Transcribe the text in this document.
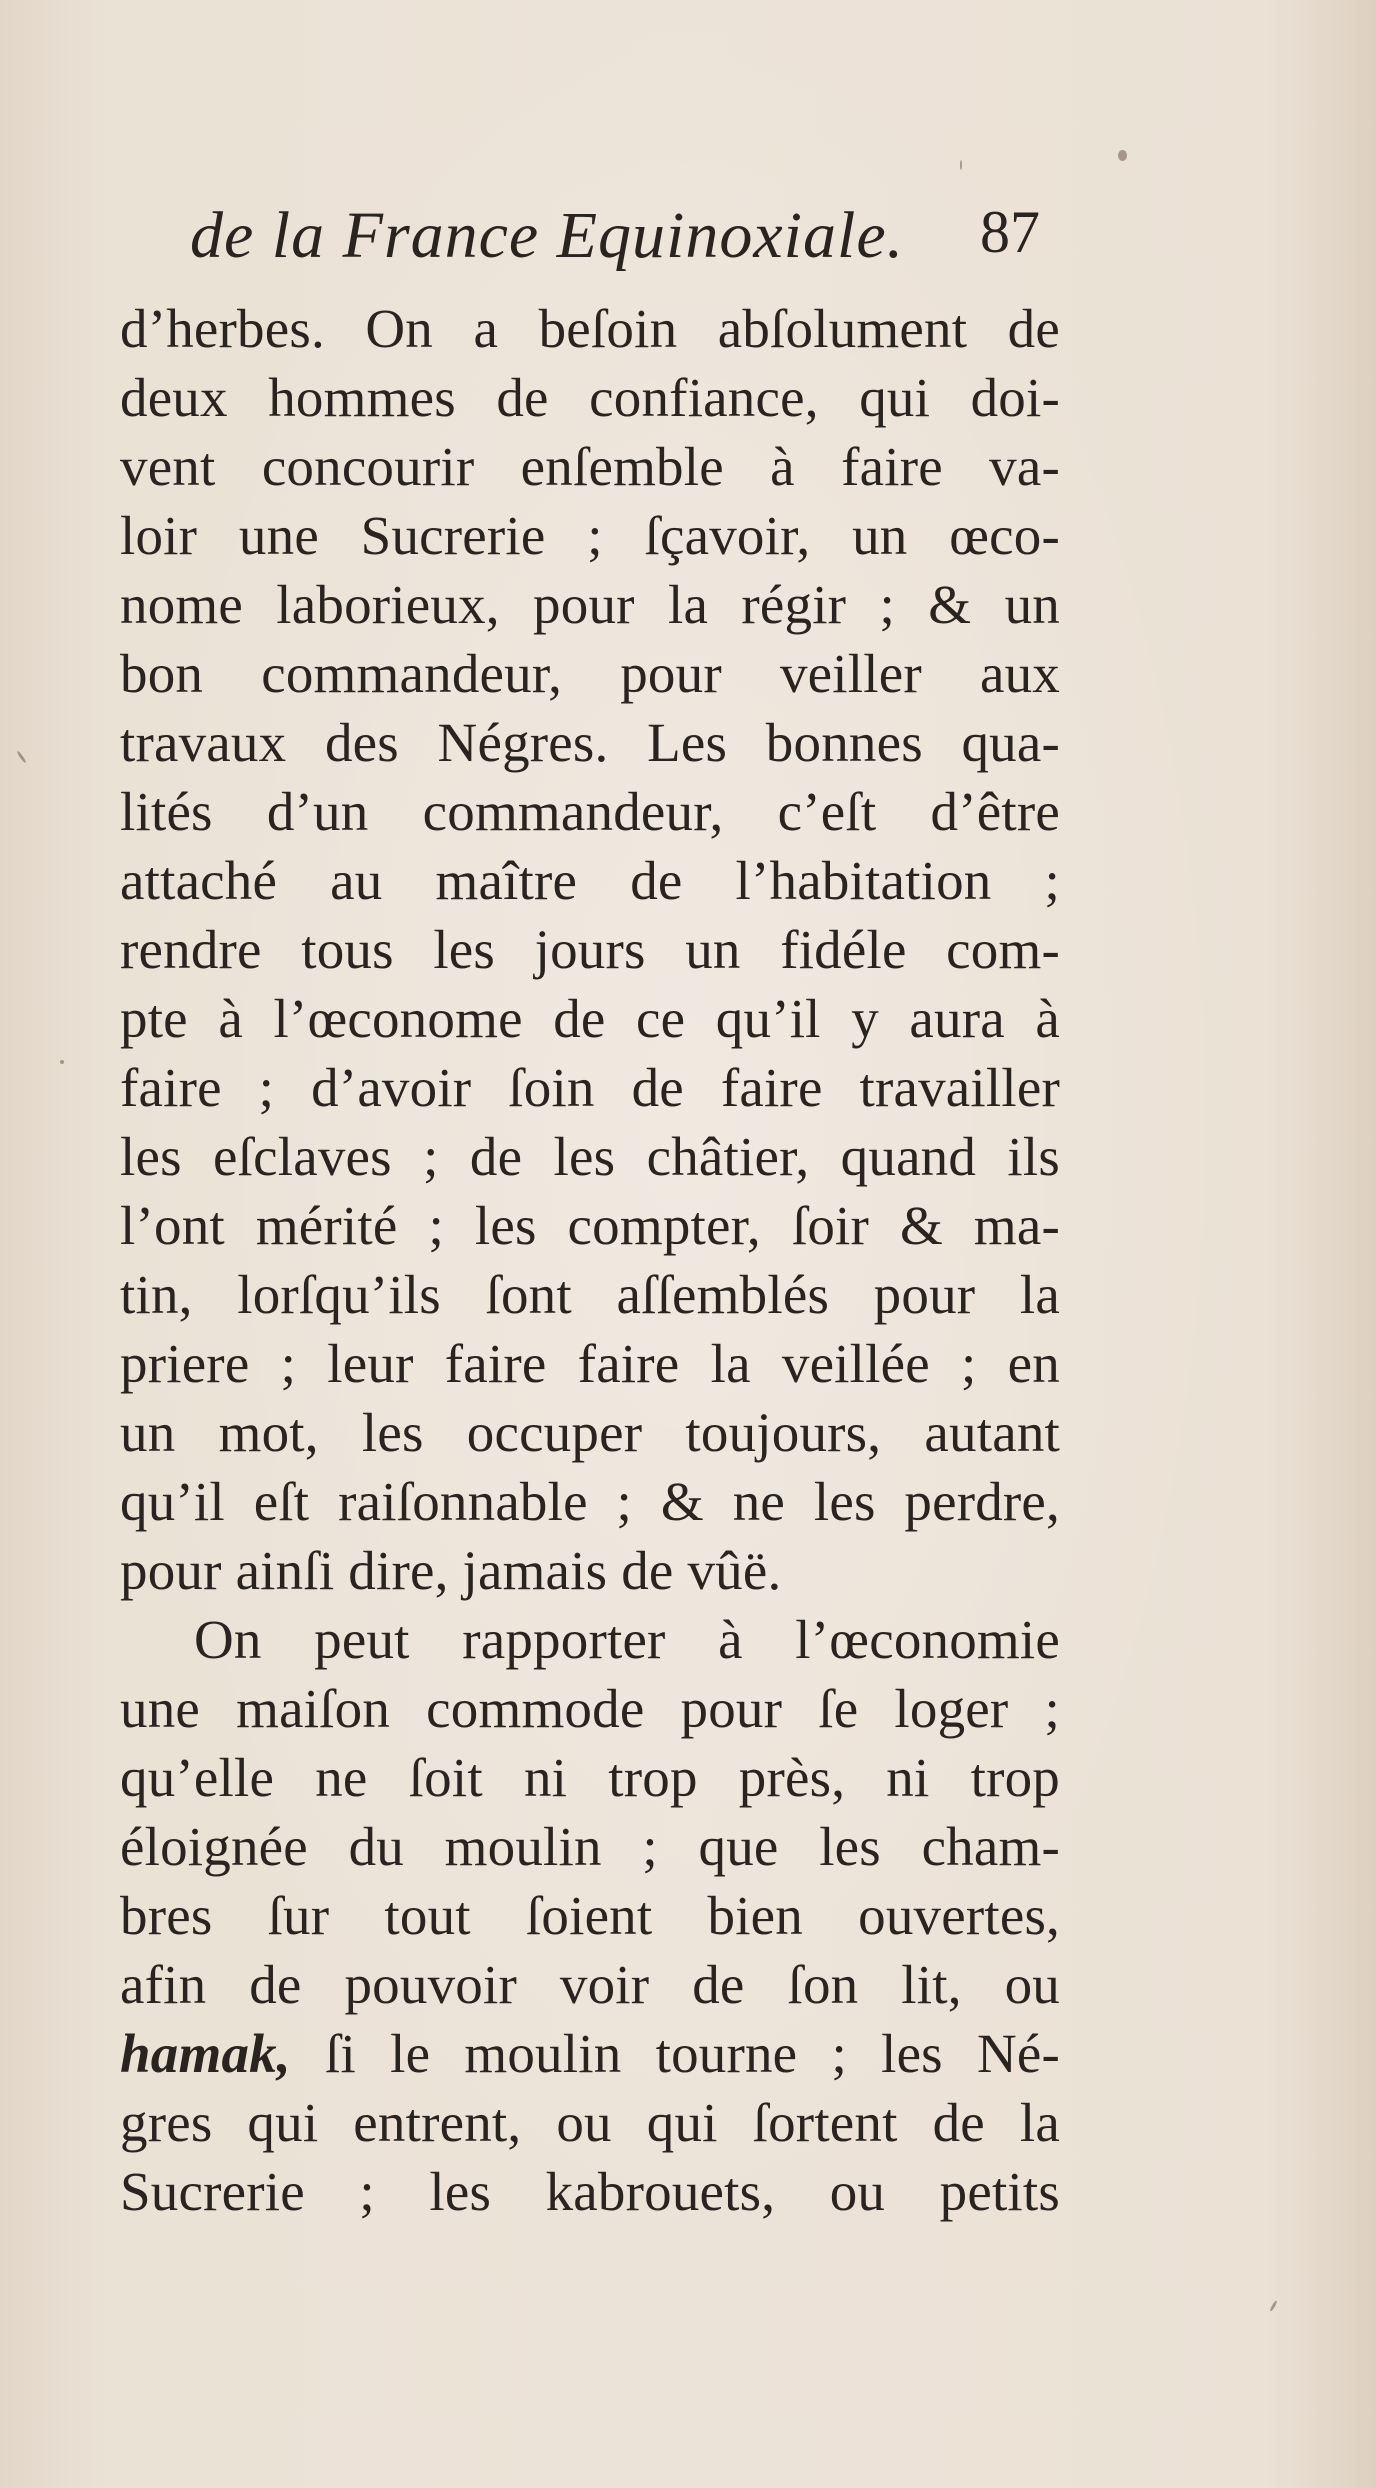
de la France Equinoxiale. 87
d’herbes. On a beſoin abſolument de
deux hommes de confiance, qui doi-
vent concourir enſemble à faire va-
loir une Sucrerie ; ſçavoir, un œco-
nome laborieux, pour la régir ; & un
bon commandeur, pour veiller aux
travaux des Négres. Les bonnes qua-
lités d’un commandeur, c’eſt d’être
attaché au maître de l’habitation ;
rendre tous les jours un fidéle com-
pte à l’œconome de ce qu’il y aura à
faire ; d’avoir ſoin de faire travailler
les eſclaves ; de les châtier, quand ils
l’ont mérité ; les compter, ſoir & ma-
tin, lorſqu’ils ſont aſſemblés pour la
priere ; leur faire faire la veillée ; en
un mot, les occuper toujours, autant
qu’il eſt raiſonnable ; & ne les perdre,
pour ainſi dire, jamais de vûë.
On peut rapporter à l’œconomie
une maiſon commode pour ſe loger ;
qu’elle ne ſoit ni trop près, ni trop
éloignée du moulin ; que les cham-
bres ſur tout ſoient bien ouvertes,
afin de pouvoir voir de ſon lit, ou
hamak, ſi le moulin tourne ; les Né-
gres qui entrent, ou qui ſortent de la
Sucrerie ; les kabrouets, ou petits
